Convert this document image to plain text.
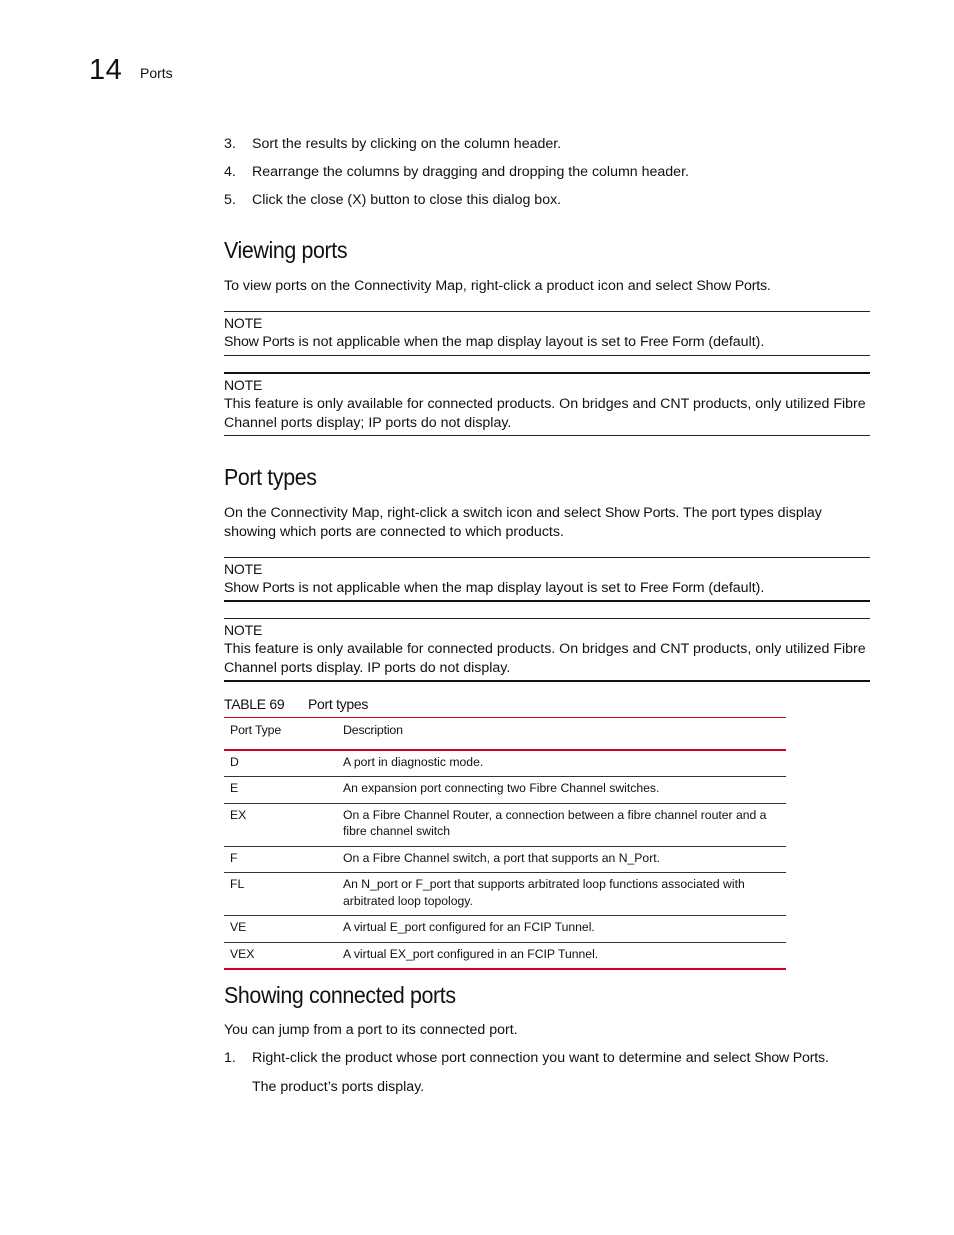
14 Ports
3. Sort the results by clicking on the column header.
4. Rearrange the columns by dragging and dropping the column header.
5. Click the close (X) button to close this dialog box.
Viewing ports
To view ports on the Connectivity Map, right-click a product icon and select Show Ports.
NOTE
Show Ports is not applicable when the map display layout is set to Free Form (default).
NOTE
This feature is only available for connected products. On bridges and CNT products, only utilized Fibre Channel ports display; IP ports do not display.
Port types
On the Connectivity Map, right-click a switch icon and select Show Ports. The port types display showing which ports are connected to which products.
NOTE
Show Ports is not applicable when the map display layout is set to Free Form (default).
NOTE
This feature is only available for connected products. On bridges and CNT products, only utilized Fibre Channel ports display. IP ports do not display.
TABLE 69 Port types
Port Type	Description
D	A port in diagnostic mode.
E	An expansion port connecting two Fibre Channel switches.
EX	On a Fibre Channel Router, a connection between a fibre channel router and a fibre channel switch
F	On a Fibre Channel switch, a port that supports an N_Port.
FL	An N_port or F_port that supports arbitrated loop functions associated with arbitrated loop topology.
VE	A virtual E_port configured for an FCIP Tunnel.
VEX	A virtual EX_port configured in an FCIP Tunnel.
Showing connected ports
You can jump from a port to its connected port.
1. Right-click the product whose port connection you want to determine and select Show Ports.
The product’s ports display.
